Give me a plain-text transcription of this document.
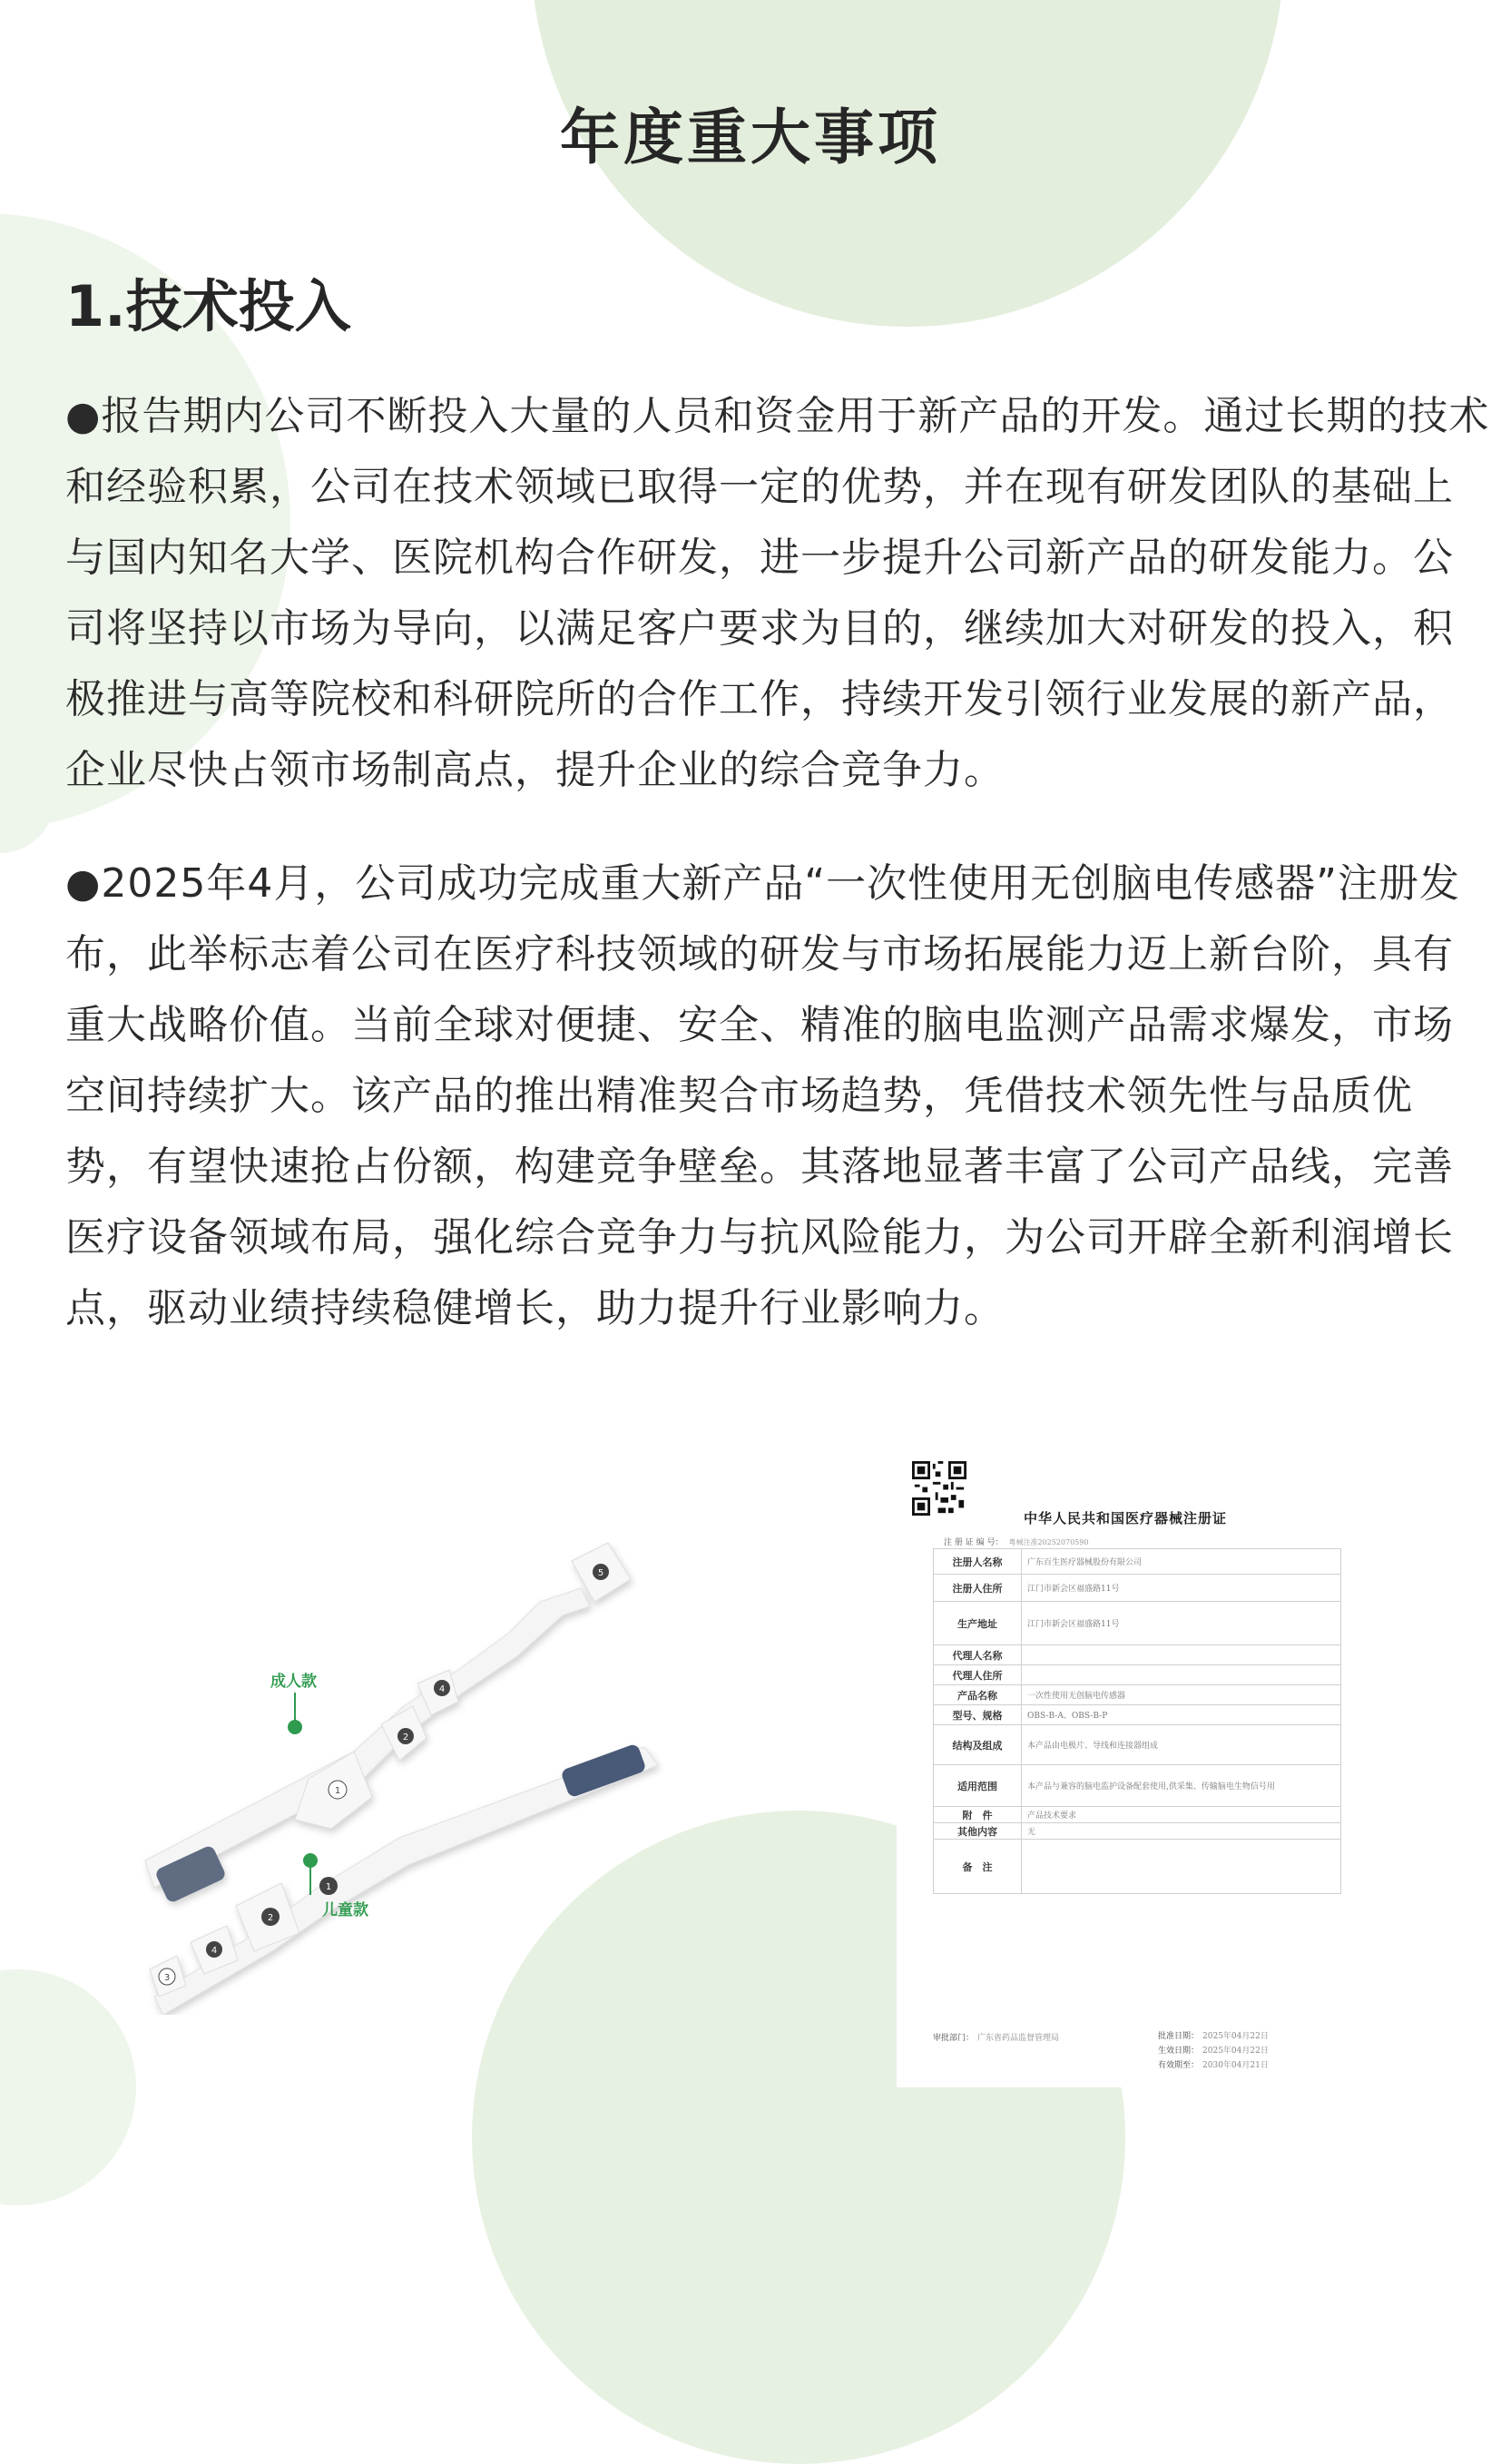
年度重大事项
1.技术投入
●报告期内公司不断投入大量的人员和资金用于新产品的开发。通过长期的技术和经验积累，公司在技术领域已取得一定的优势，并在现有研发团队的基础上与国内知名大学、医院机构合作研发，进一步提升公司新产品的研发能力。公司将坚持以市场为导向，以满足客户要求为目的，继续加大对研发的投入，积极推进与高等院校和科研院所的合作工作，持续开发引领行业发展的新产品，企业尽快占领市场制高点，提升企业的综合竞争力。
●2025年4月，公司成功完成重大新产品“一次性使用无创脑电传感器”注册发布，此举标志着公司在医疗科技领域的研发与市场拓展能力迈上新台阶，具有重大战略价值。当前全球对便捷、安全、精准的脑电监测产品需求爆发，市场空间持续扩大。该产品的推出精准契合市场趋势，凭借技术领先性与品质优势，有望快速抢占份额，构建竞争壁垒。其落地显著丰富了公司产品线，完善医疗设备领域布局，强化综合竞争力与抗风险能力，为公司开辟全新利润增长点，驱动业绩持续稳健增长，助力提升行业影响力。
5
4
2
1
成人款
2
4
3
1
儿童款
中华人民共和国医疗器械注册证
注 册 证 编 号： 粤械注准20252070590
注册人名称	广东百生医疗器械股份有限公司
注册人住所	江门市新会区福盛路11号
生产地址	江门市新会区福盛路11号
代理人名称	
代理人住所	
产品名称	一次性使用无创脑电传感器
型号、规格	OBS-B-A、OBS-B-P
结构及组成	本产品由电极片、导线和连接器组成
适用范围	本产品与兼容的脑电监护设备配套使用,供采集、传输脑电生物信号用
附　件	产品技术要求
其他内容	无
备　注	
审批部门： 广东省药品监督管理局	批准日期： 2025年04月22日
生效日期： 2025年04月22日
有效期至： 2030年04月21日
